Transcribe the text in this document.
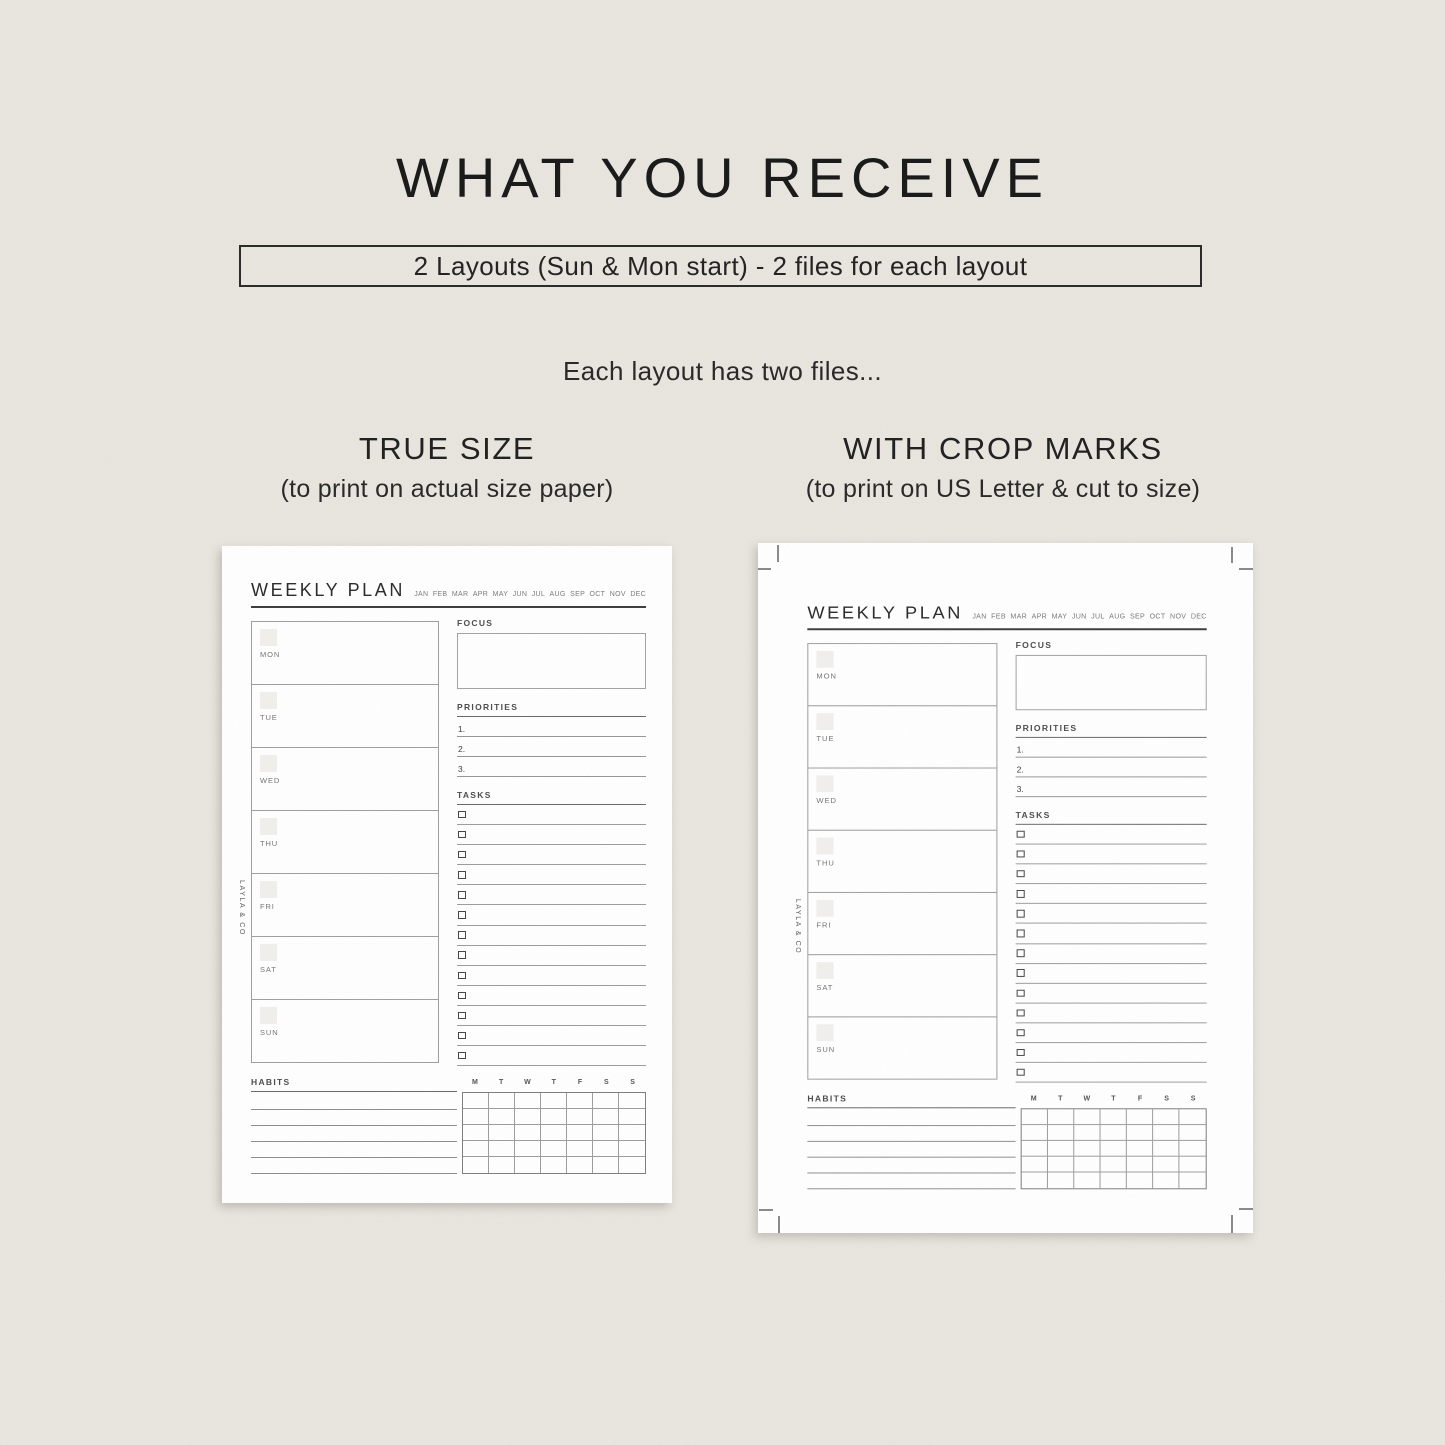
WHAT YOU RECEIVE
2 Layouts (Sun & Mon start) - 2 files for each layout
Each layout has two files...
TRUE SIZE
(to print on actual size paper)
WITH CROP MARKS
(to print on US Letter & cut to size)
LAYLA & CO
WEEKLY PLAN JAN FEB MAR APR MAY JUN JUL AUG SEP OCT NOV DEC
MON
TUE
WED
THU
FRI
SAT
SUN
FOCUS
PRIORITIES
1.
2.
3.
TASKS
HABITS	M	T	W	T	F	S	S
LAYLA & CO
WEEKLY PLAN JAN FEB MAR APR MAY JUN JUL AUG SEP OCT NOV DEC
MON
TUE
WED
THU
FRI
SAT
SUN
FOCUS
PRIORITIES
1.
2.
3.
TASKS
HABITS	M	T	W	T	F	S	S
